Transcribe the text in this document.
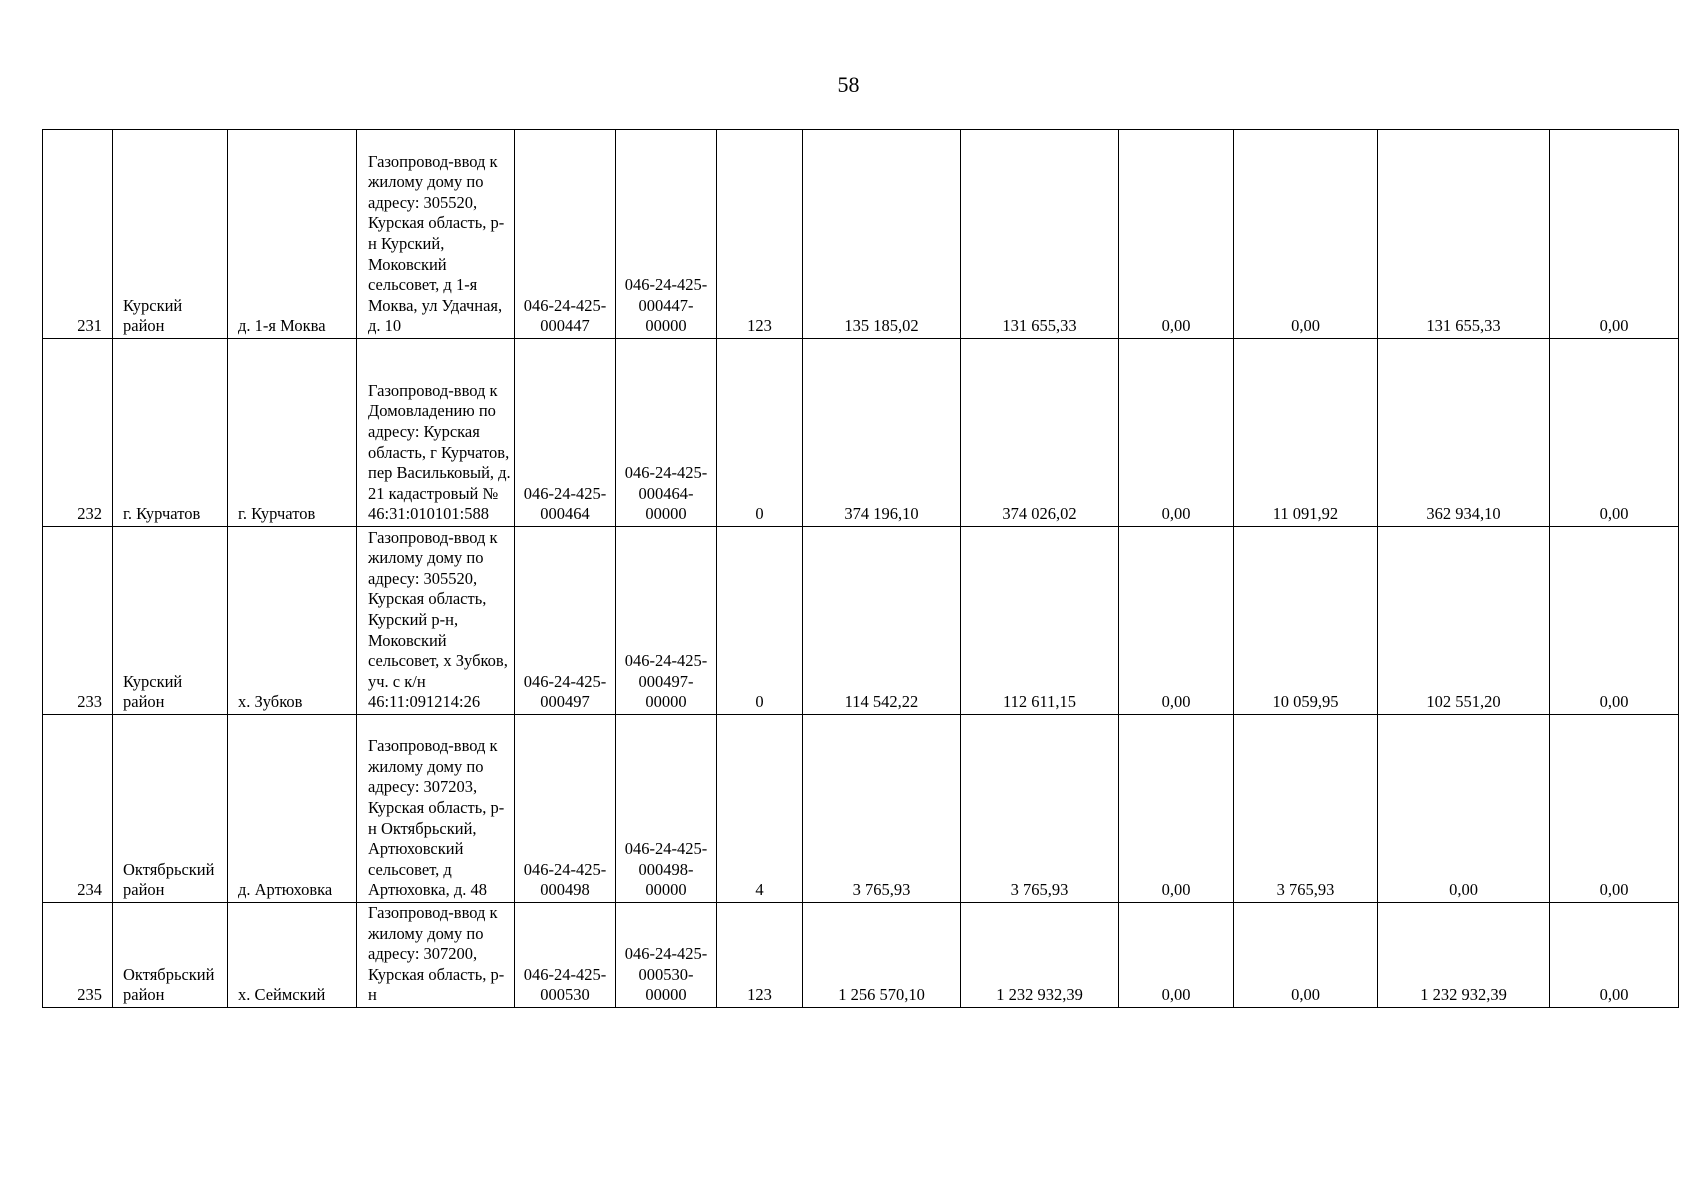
58
231	Курский район	д. 1-я Моква	Газопровод-ввод к жилому дому по адресу: 305520, Курская область, р-н Курский, Моковский сельсовет, д 1-я Моква, ул Удачная, д. 10	046-24-425-000447	046-24-425-000447-00000	123	135 185,02	131 655,33	0,00	0,00	131 655,33	0,00
232	г. Курчатов	г. Курчатов	Газопровод-ввод к Домовладению по адресу: Курская область, г Курчатов, пер Васильковый, д. 21 кадастровый № 46:31:010101:588	046-24-425-000464	046-24-425-000464-00000	0	374 196,10	374 026,02	0,00	11 091,92	362 934,10	0,00
233	Курский район	х. Зубков	Газопровод-ввод к жилому дому по адресу: 305520, Курская область, Курский р-н, Моковский сельсовет, х Зубков, уч. с к/н 46:11:091214:26	046-24-425-000497	046-24-425-000497-00000	0	114 542,22	112 611,15	0,00	10 059,95	102 551,20	0,00
234	Октябрьский район	д. Артюховка	Газопровод-ввод к жилому дому по адресу: 307203, Курская область, р-н Октябрьский, Артюховский сельсовет, д Артюховка, д. 48	046-24-425-000498	046-24-425-000498-00000	4	3 765,93	3 765,93	0,00	3 765,93	0,00	0,00
235	Октябрьский район	х. Сеймский	Газопровод-ввод к жилому дому по адресу: 307200, Курская область, р-н	046-24-425-000530	046-24-425-000530-00000	123	1 256 570,10	1 232 932,39	0,00	0,00	1 232 932,39	0,00
